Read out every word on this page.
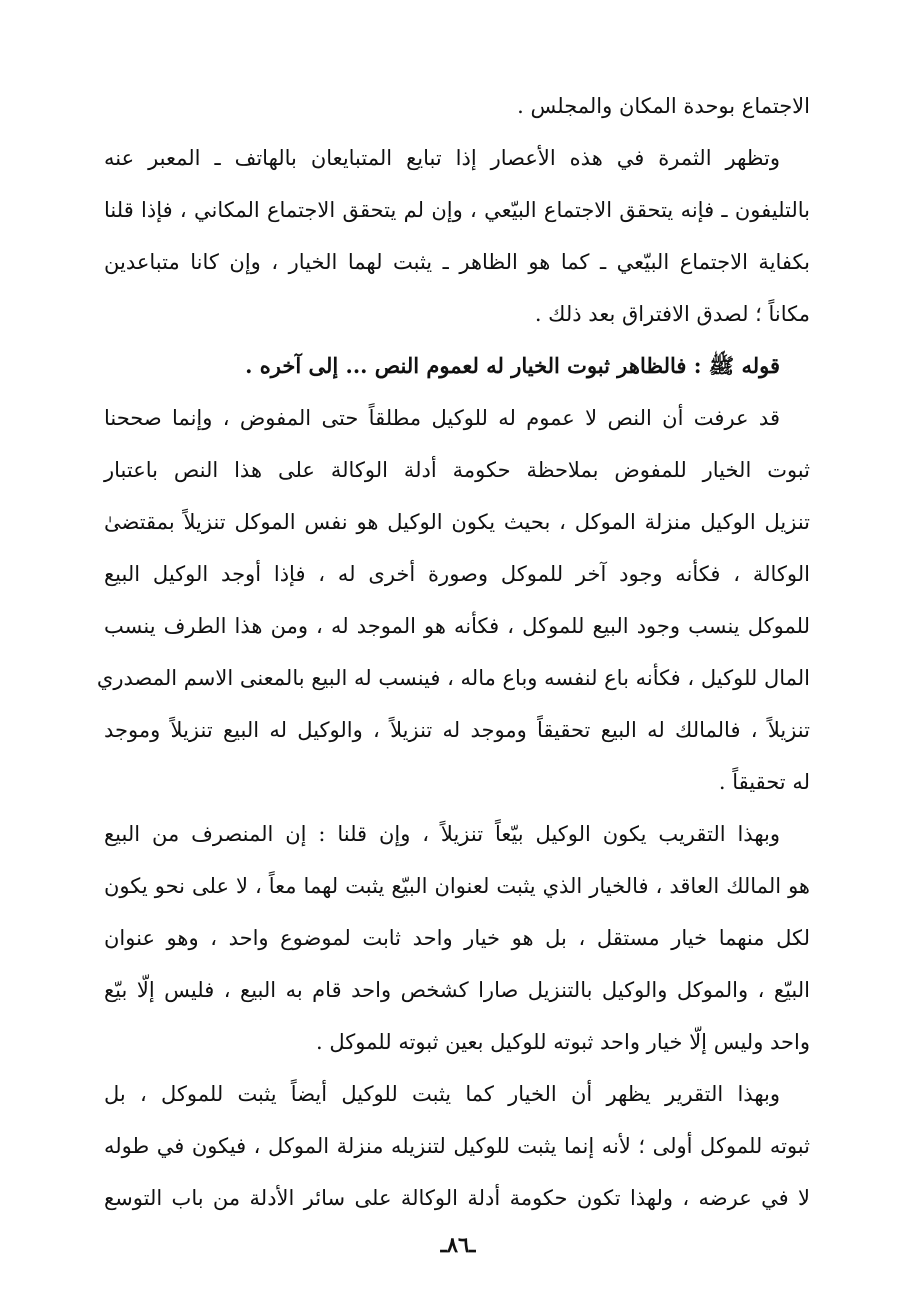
الاجتماع بوحدة المكان والمجلس .
وتظهر الثمرة في هذه الأعصار إذا تبايع المتبايعان بالهاتف ـ المعبر عنه
بالتليفون ـ فإنه يتحقق الاجتماع البيّعي ، وإن لم يتحقق الاجتماع المكاني ، فإذا قلنا
بكفاية الاجتماع البيّعي ـ كما هو الظاهر ـ يثبت لهما الخيار ، وإن كانا متباعدين
مكاناً ؛ لصدق الافتراق بعد ذلك .
قوله ﷺ : فالظاهر ثبوت الخيار له لعموم النص ... إلى آخره .
قد عرفت أن النص لا عموم له للوكيل مطلقاً حتى المفوض ، وإنما صححنا
ثبوت الخيار للمفوض بملاحظة حكومة أدلة الوكالة على هذا النص باعتبار
تنزيل الوكيل منزلة الموكل ، بحيث يكون الوكيل هو نفس الموكل تنزيلاً بمقتضىٰ
الوكالة ، فكأنه وجود آخر للموكل وصورة أخرى له ، فإذا أوجد الوكيل البيع
للموكل ينسب وجود البيع للموكل ، فكأنه هو الموجد له ، ومن هذا الطرف ينسب
المال للوكيل ، فكأنه باع لنفسه وباع ماله ، فينسب له البيع بالمعنى الاسم المصدري
تنزيلاً ، فالمالك له البيع تحقيقاً وموجد له تنزيلاً ، والوكيل له البيع تنزيلاً وموجد
له تحقيقاً .
وبهذا التقريب يكون الوكيل بيّعاً تنزيلاً ، وإن قلنا : إن المنصرف من البيع
هو المالك العاقد ، فالخيار الذي يثبت لعنوان البيّع يثبت لهما معاً ، لا على نحو يكون
لكل منهما خيار مستقل ، بل هو خيار واحد ثابت لموضوع واحد ، وهو عنوان
البيّع ، والموكل والوكيل بالتنزيل صارا كشخص واحد قام به البيع ، فليس إلّا بيّع
واحد وليس إلّا خيار واحد ثبوته للوكيل بعين ثبوته للموكل .
وبهذا التقرير يظهر أن الخيار كما يثبت للوكيل أيضاً يثبت للموكل ، بل
ثبوته للموكل أولى ؛ لأنه إنما يثبت للوكيل لتنزيله منزلة الموكل ، فيكون في طوله
لا في عرضه ، ولهذا تكون حكومة أدلة الوكالة على سائر الأدلة من باب التوسع
ـ٨٦ـ
